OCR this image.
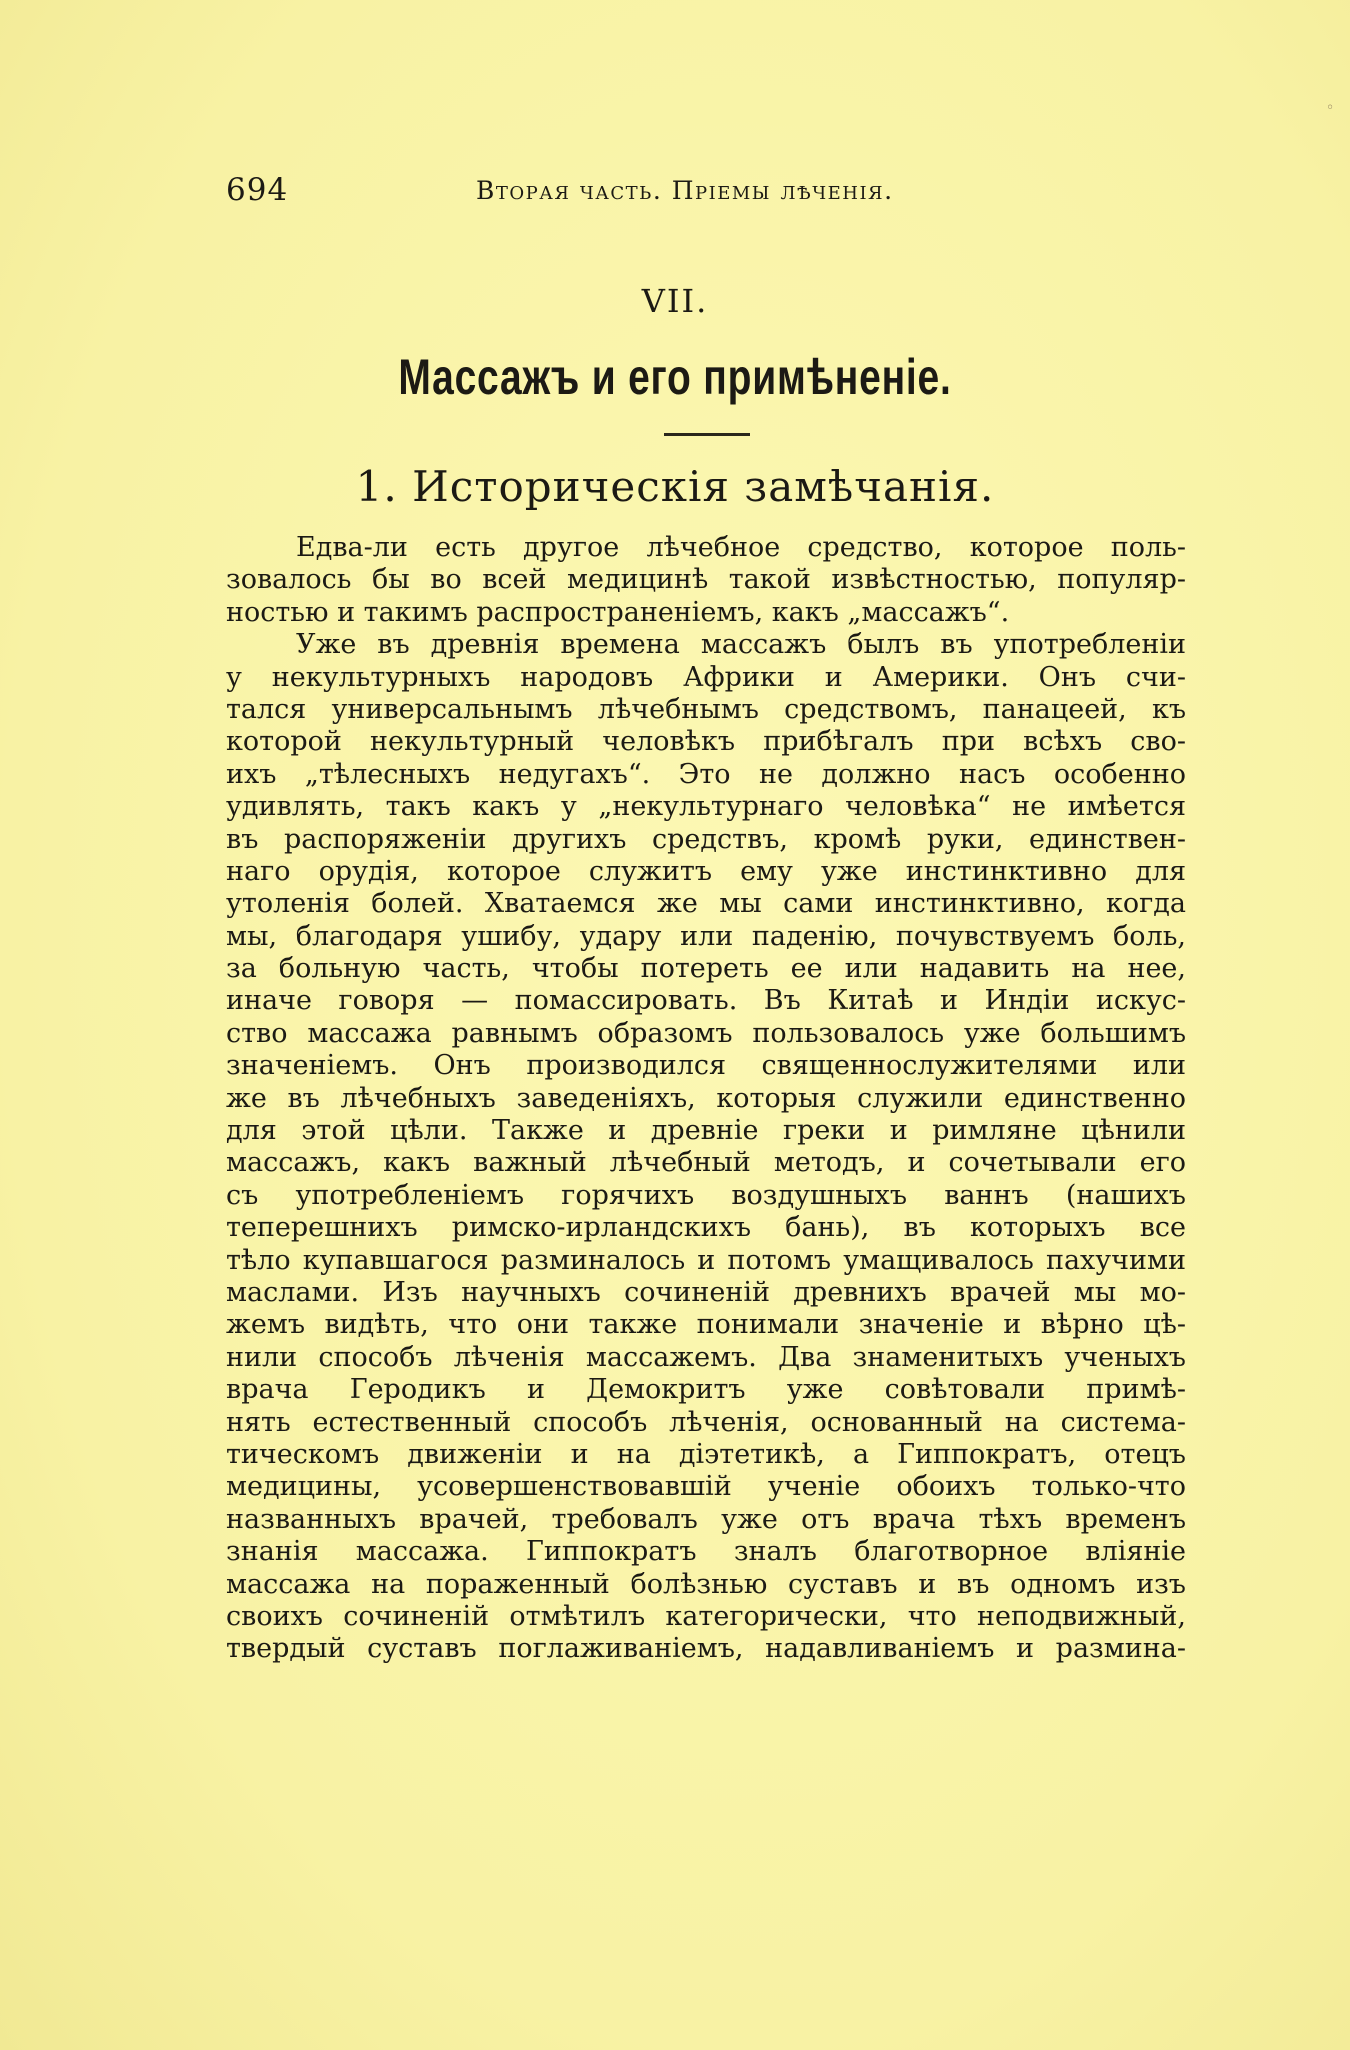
◦
694	Вторая часть. Прiемы лѣченiя.
VII.
Массажъ и его примѣненiе.
1. Историческiя замѣчанiя.
Едва-ли есть другое лѣчебное средство, которое поль-
зовалось бы во всей медицинѣ такой извѣстностью, популяр-
ностью и такимъ распространенiемъ, какъ „массажъ“.
Уже въ древнiя времена массажъ былъ въ употребленiи
у некультурныхъ народовъ Африки и Америки. Онъ счи-
тался универсальнымъ лѣчебнымъ средствомъ, панацеей, къ
которой некультурный человѣкъ прибѣгалъ при всѣхъ сво-
ихъ „тѣлесныхъ недугахъ“. Это не должно насъ особенно
удивлять, такъ какъ у „некультурнаго человѣка“ не имѣется
въ распоряженiи другихъ средствъ, кромѣ руки, единствен-
наго орудiя, которое служитъ ему уже инстинктивно для
утоленiя болей. Хватаемся же мы сами инстинктивно, когда
мы, благодаря ушибу, удару или паденiю, почувствуемъ боль,
за больную часть, чтобы потереть ее или надавить на нее,
иначе говоря — помассировать. Въ Китаѣ и Индiи искус-
ство массажа равнымъ образомъ пользовалось уже большимъ
значенiемъ. Онъ производился священнослужителями или
же въ лѣчебныхъ заведенiяхъ, которыя служили единственно
для этой цѣли. Также и древнiе греки и римляне цѣнили
массажъ, какъ важный лѣчебный методъ, и сочетывали его
съ употребленiемъ горячихъ воздушныхъ ваннъ (нашихъ
теперешнихъ римско-ирландскихъ бань), въ которыхъ все
тѣло купавшагося разминалось и потомъ умащивалось пахучими
маслами. Изъ научныхъ сочиненiй древнихъ врачей мы мо-
жемъ видѣть, что они также понимали значенiе и вѣрно цѣ-
нили способъ лѣченiя массажемъ. Два знаменитыхъ ученыхъ
врача Геродикъ и Демокритъ уже совѣтовали примѣ-
нять естественный способъ лѣченiя, основанный на система-
тическомъ движенiи и на дiэтетикѣ, а Гиппократъ, отецъ
медицины, усовершенствовавшiй ученiе обоихъ только-что
названныхъ врачей, требовалъ уже отъ врача тѣхъ временъ
знанiя массажа. Гиппократъ зналъ благотворное влiянiе
массажа на пораженный болѣзнью суставъ и въ одномъ изъ
своихъ сочиненiй отмѣтилъ категорически, что неподвижный,
твердый суставъ поглаживанiемъ, надавливанiемъ и размина-
